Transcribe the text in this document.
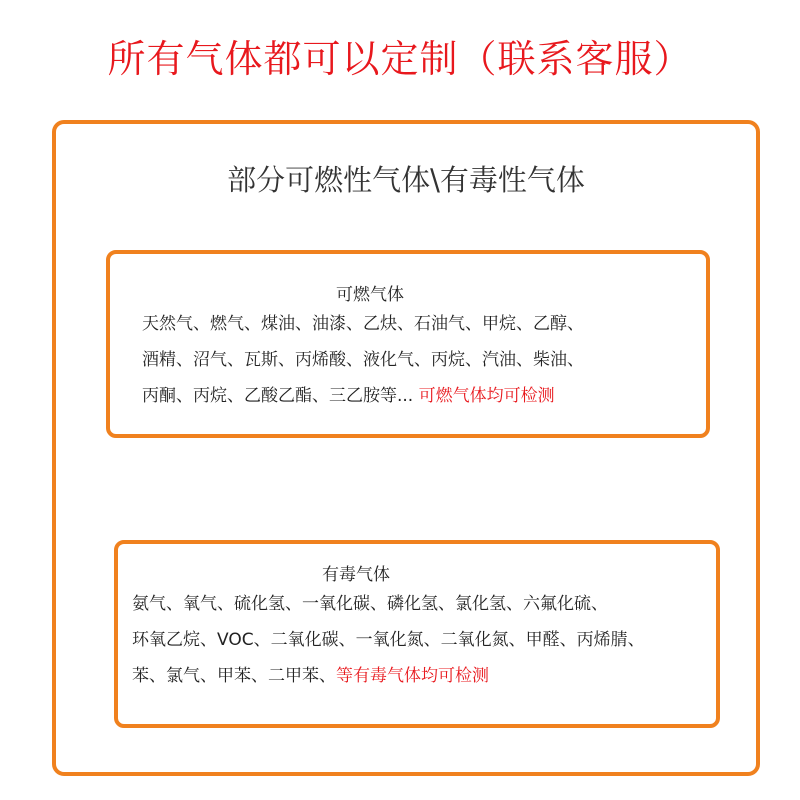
所有气体都可以定制（联系客服）
部分可燃性气体\有毒性气体
可燃气体
天然气、燃气、煤油、油漆、乙炔、石油气、甲烷、乙醇、
酒精、沼气、瓦斯、丙烯酸、液化气、丙烷、汽油、柴油、
丙酮、丙烷、乙酸乙酯、三乙胺等... 可燃气体均可检测
有毒气体
氨气、氧气、硫化氢、一氧化碳、磷化氢、氯化氢、六氟化硫、
环氧乙烷、VOC、二氧化碳、一氧化氮、二氧化氮、甲醛、丙烯腈、
苯、氯气、甲苯、二甲苯、等有毒气体均可检测
